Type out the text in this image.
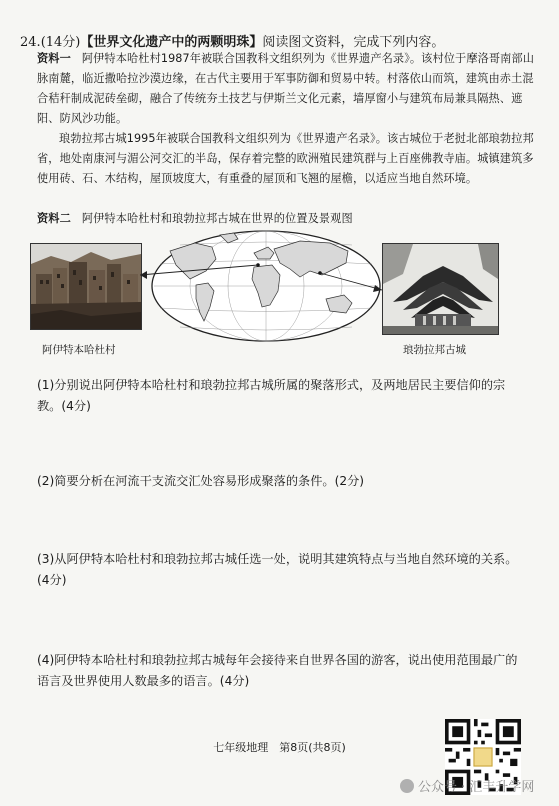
24.(14分)【世界文化遗产中的两颗明珠】阅读图文资料，完成下列内容。
资料一 阿伊特本哈杜村1987年被联合国教科文组织列为《世界遗产名录》。该村位于摩洛哥南部山脉南麓，临近撒哈拉沙漠边缘，在古代主要用于军事防御和贸易中转。村落依山而筑，建筑由赤土混合秸秆制成泥砖垒砌，融合了传统夯土技艺与伊斯兰文化元素，墙厚窗小与建筑布局兼具隔热、遮阳、防风沙功能。
琅勃拉邦古城1995年被联合国教科文组织列为《世界遗产名录》。该古城位于老挝北部琅勃拉邦省，地处南康河与湄公河交汇的半岛，保存着完整的欧洲殖民建筑群与上百座佛教寺庙。城镇建筑多使用砖、石、木结构，屋顶坡度大，有重叠的屋顶和飞翘的屋檐，以适应当地自然环境。
资料二 阿伊特本哈杜村和琅勃拉邦古城在世界的位置及景观图
阿伊特本哈杜村	琅勃拉邦古城
(1)分别说出阿伊特本哈杜村和琅勃拉邦古城所属的聚落形式，及两地居民主要信仰的宗教。(4分)
(2)简要分析在河流干支流交汇处容易形成聚落的条件。(2分)
(3)从阿伊特本哈杜村和琅勃拉邦古城任选一处，说明其建筑特点与当地自然环境的关系。(4分)
(4)阿伊特本哈杜村和琅勃拉邦古城每年会接待来自世界各国的游客，说出使用范围最广的语言及世界使用人数最多的语言。(4分)
七年级地理　第8页(共8页)
公众号 · 汇丰升学网
